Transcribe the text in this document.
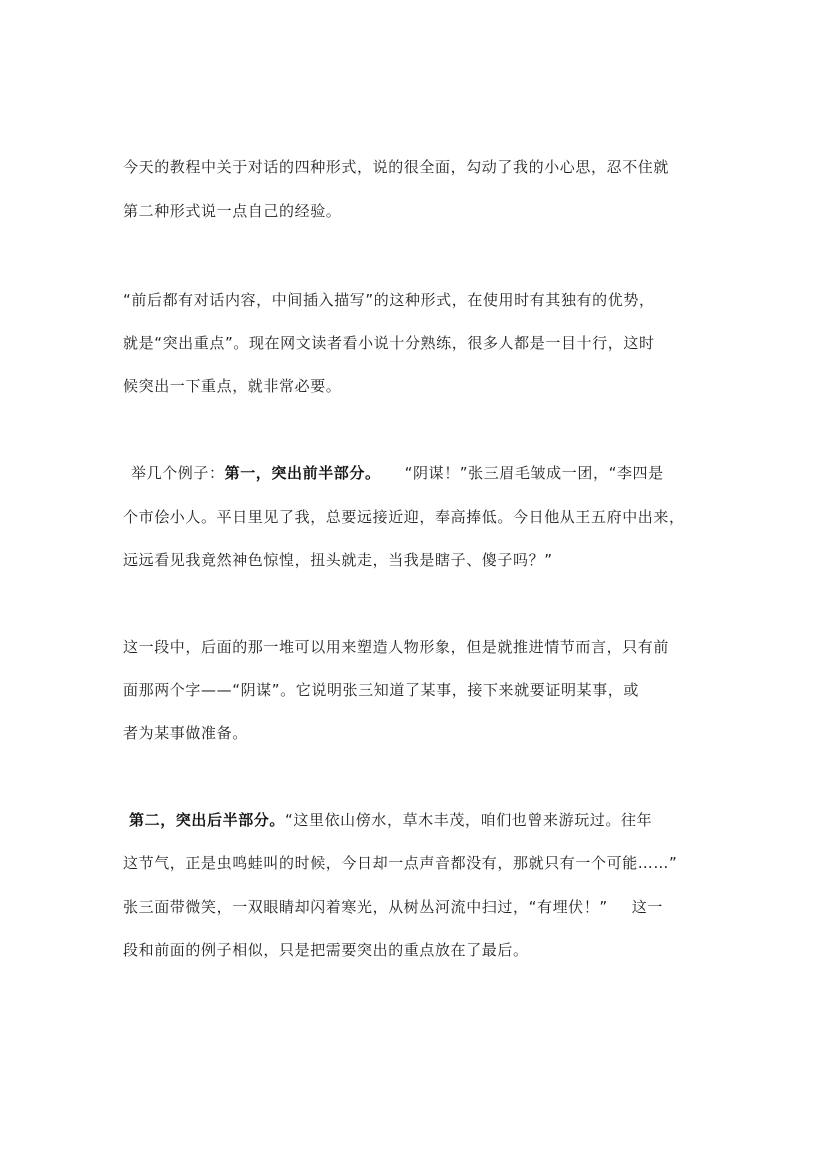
今天的教程中关于对话的四种形式，说的很全面，勾动了我的小心思，忍不住就
第二种形式说一点自己的经验。
“前后都有对话内容，中间插入描写”的这种形式，在使用时有其独有的优势，
就是“突出重点”。现在网文读者看小说十分熟练，很多人都是一目十行，这时
候突出一下重点，就非常必要。
举几个例子：第一，突出前半部分。 “阴谋！”张三眉毛皱成一团，“李四是
个市侩小人。平日里见了我，总要远接近迎，奉高捧低。今日他从王五府中出来，
远远看见我竟然神色惊惶，扭头就走，当我是瞎子、傻子吗？”
这一段中，后面的那一堆可以用来塑造人物形象，但是就推进情节而言，只有前
面那两个字——“阴谋”。它说明张三知道了某事，接下来就要证明某事，或
者为某事做准备。
第二，突出后半部分。“这里依山傍水，草木丰茂，咱们也曾来游玩过。往年
这节气，正是虫鸣蛙叫的时候，今日却一点声音都没有，那就只有一个可能……”
张三面带微笑，一双眼睛却闪着寒光，从树丛河流中扫过，“有埋伏！” 这一
段和前面的例子相似，只是把需要突出的重点放在了最后。
